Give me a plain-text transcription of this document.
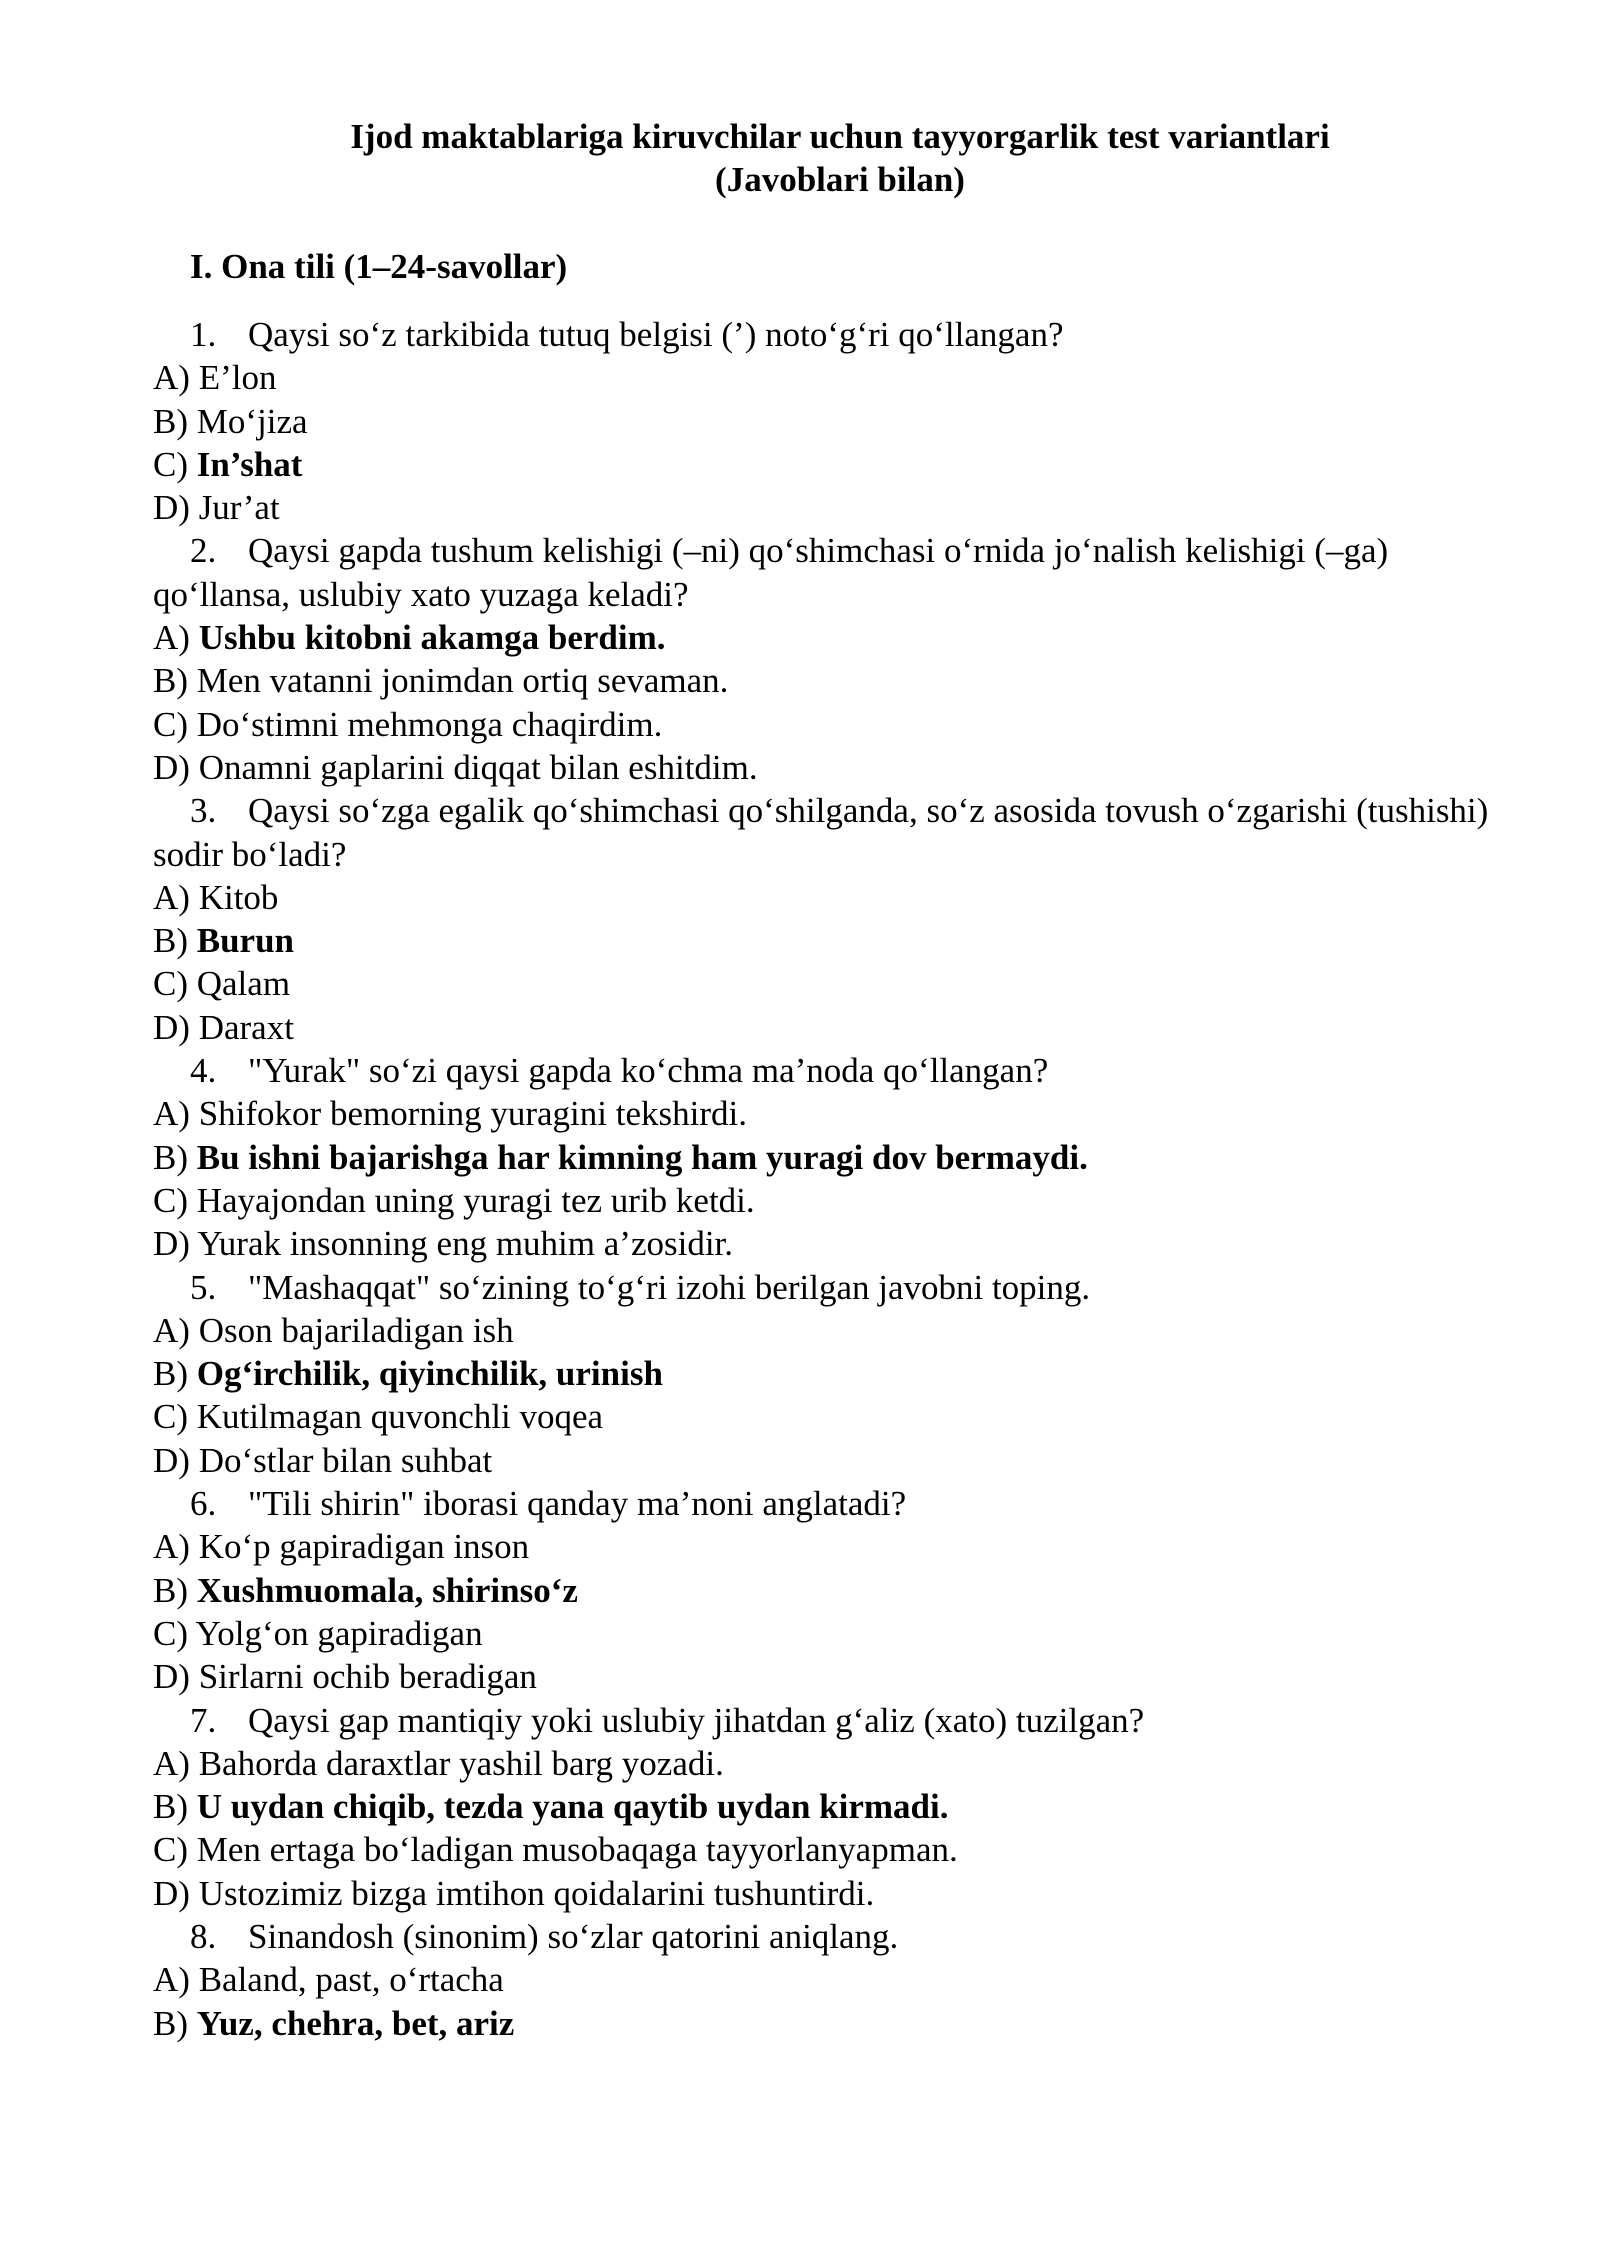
Ijod maktablariga kiruvchilar uchun tayyorgarlik test variantlari
(Javoblari bilan)
I. Ona tili (1–24-savollar)
1. Qaysi so‘z tarkibida tutuq belgisi (’) noto‘g‘ri qo‘llangan?
A) E’lon
B) Mo‘jiza
C) In’shat
D) Jur’at
2. Qaysi gapda tushum kelishigi (–ni) qo‘shimchasi o‘rnida jo‘nalish kelishigi (–ga) qo‘llansa, uslubiy xato yuzaga keladi?
A) Ushbu kitobni akamga berdim.
B) Men vatanni jonimdan ortiq sevaman.
C) Do‘stimni mehmonga chaqirdim.
D) Onamni gaplarini diqqat bilan eshitdim.
3. Qaysi so‘zga egalik qo‘shimchasi qo‘shilganda, so‘z asosida tovush o‘zgarishi (tushishi) sodir bo‘ladi?
A) Kitob
B) Burun
C) Qalam
D) Daraxt
4. "Yurak" so‘zi qaysi gapda ko‘chma ma’noda qo‘llangan?
A) Shifokor bemorning yuragini tekshirdi.
B) Bu ishni bajarishga har kimning ham yuragi dov bermaydi.
C) Hayajondan uning yuragi tez urib ketdi.
D) Yurak insonning eng muhim a’zosidir.
5. "Mashaqqat" so‘zining to‘g‘ri izohi berilgan javobni toping.
A) Oson bajariladigan ish
B) Og‘irchilik, qiyinchilik, urinish
C) Kutilmagan quvonchli voqea
D) Do‘stlar bilan suhbat
6. "Tili shirin" iborasi qanday ma’noni anglatadi?
A) Ko‘p gapiradigan inson
B) Xushmuomala, shirinso‘z
C) Yolg‘on gapiradigan
D) Sirlarni ochib beradigan
7. Qaysi gap mantiqiy yoki uslubiy jihatdan g‘aliz (xato) tuzilgan?
A) Bahorda daraxtlar yashil barg yozadi.
B) U uydan chiqib, tezda yana qaytib uydan kirmadi.
C) Men ertaga bo‘ladigan musobaqaga tayyorlanyapman.
D) Ustozimiz bizga imtihon qoidalarini tushuntirdi.
8. Sinandosh (sinonim) so‘zlar qatorini aniqlang.
A) Baland, past, o‘rtacha
B) Yuz, chehra, bet, ariz
